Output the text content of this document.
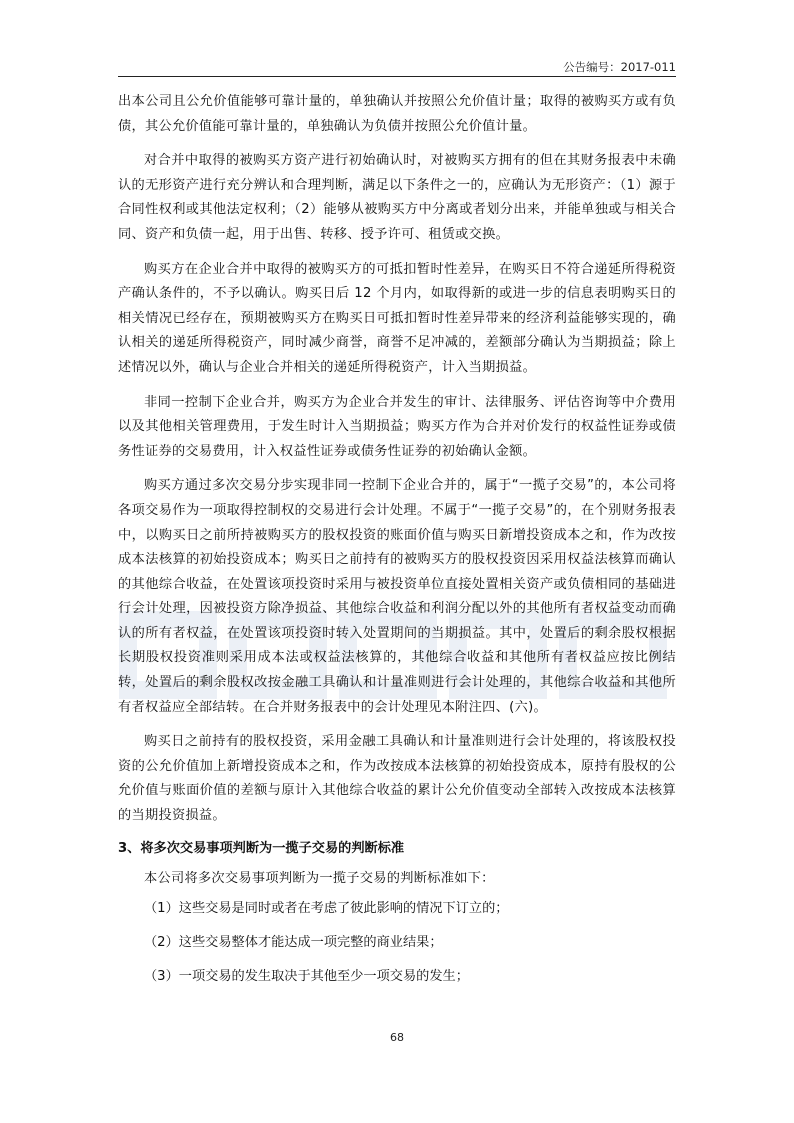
公告编号：2017-011

出本公司且公允价值能够可靠计量的，单独确认并按照公允价值计量；取得的被购买方或有负债，其公允价值能可靠计量的，单独确认为负债并按照公允价值计量。

对合并中取得的被购买方资产进行初始确认时，对被购买方拥有的但在其财务报表中未确认的无形资产进行充分辨认和合理判断，满足以下条件之一的，应确认为无形资产：（1）源于合同性权利或其他法定权利；（2）能够从被购买方中分离或者划分出来，并能单独或与相关合同、资产和负债一起，用于出售、转移、授予许可、租赁或交换。

购买方在企业合并中取得的被购买方的可抵扣暂时性差异，在购买日不符合递延所得税资产确认条件的，不予以确认。购买日后 12 个月内，如取得新的或进一步的信息表明购买日的相关情况已经存在，预期被购买方在购买日可抵扣暂时性差异带来的经济利益能够实现的，确认相关的递延所得税资产，同时减少商誉，商誉不足冲减的，差额部分确认为当期损益；除上述情况以外，确认与企业合并相关的递延所得税资产，计入当期损益。

非同一控制下企业合并，购买方为企业合并发生的审计、法律服务、评估咨询等中介费用以及其他相关管理费用，于发生时计入当期损益；购买方作为合并对价发行的权益性证券或债务性证券的交易费用，计入权益性证券或债务性证券的初始确认金额。

购买方通过多次交易分步实现非同一控制下企业合并的，属于“一揽子交易”的，本公司将各项交易作为一项取得控制权的交易进行会计处理。不属于“一揽子交易”的，在个别财务报表中，以购买日之前所持被购买方的股权投资的账面价值与购买日新增投资成本之和，作为改按成本法核算的初始投资成本；购买日之前持有的被购买方的股权投资因采用权益法核算而确认的其他综合收益，在处置该项投资时采用与被投资单位直接处置相关资产或负债相同的基础进行会计处理，因被投资方除净损益、其他综合收益和利润分配以外的其他所有者权益变动而确认的所有者权益，在处置该项投资时转入处置期间的当期损益。其中，处置后的剩余股权根据长期股权投资准则采用成本法或权益法核算的，其他综合收益和其他所有者权益应按比例结转，处置后的剩余股权改按金融工具确认和计量准则进行会计处理的，其他综合收益和其他所有者权益应全部结转。在合并财务报表中的会计处理见本附注四、(六)。

购买日之前持有的股权投资，采用金融工具确认和计量准则进行会计处理的，将该股权投资的公允价值加上新增投资成本之和，作为改按成本法核算的初始投资成本，原持有股权的公允价值与账面价值的差额与原计入其他综合收益的累计公允价值变动全部转入改按成本法核算的当期投资损益。

3、将多次交易事项判断为一揽子交易的判断标准

本公司将多次交易事项判断为一揽子交易的判断标准如下：

（1）这些交易是同时或者在考虑了彼此影响的情况下订立的；

（2）这些交易整体才能达成一项完整的商业结果；

（3）一项交易的发生取决于其他至少一项交易的发生；

68
